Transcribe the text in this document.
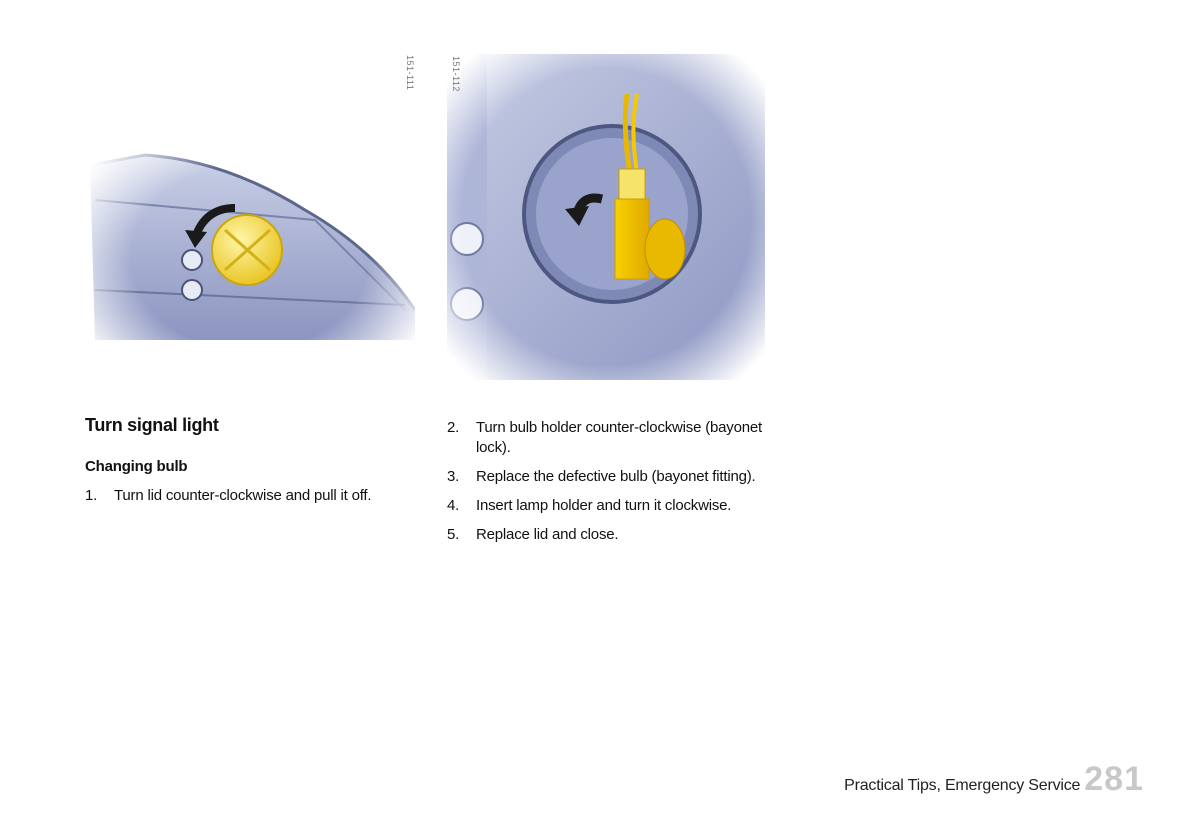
151-111	151-112
Turn signal light
Changing bulb
1.	Turn lid counter-clockwise and pull it off.
2.	Turn bulb holder counter-clockwise (bayonet lock).
3.	Replace the defective bulb (bayonet fitting).
4.	Insert lamp holder and turn it clockwise.
5.	Replace lid and close.
Practical Tips, Emergency Service 281
